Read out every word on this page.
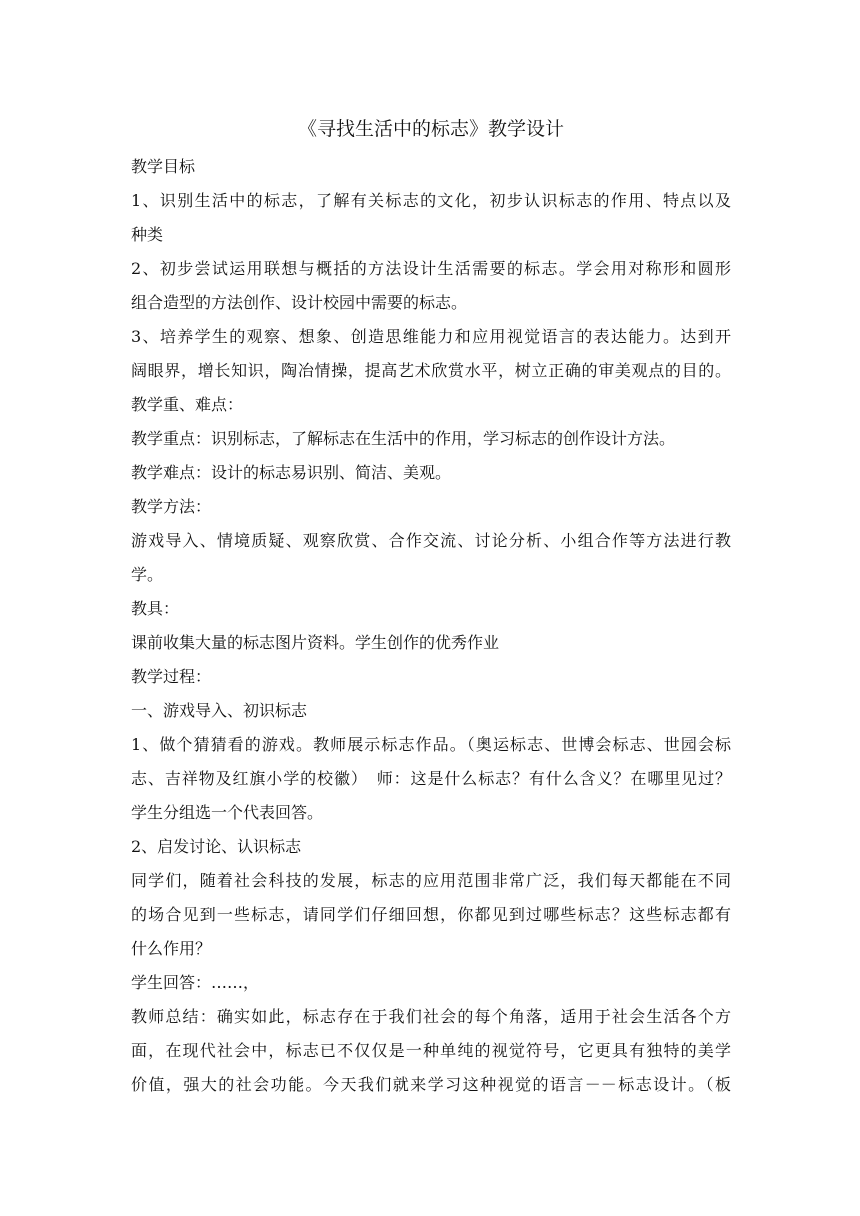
《寻找生活中的标志》教学设计
教学目标
1、识别生活中的标志，了解有关标志的文化，初步认识标志的作用、特点以及
种类
2、初步尝试运用联想与概括的方法设计生活需要的标志。学会用对称形和圆形
组合造型的方法创作、设计校园中需要的标志。
3、培养学生的观察、想象、创造思维能力和应用视觉语言的表达能力。达到开
阔眼界，增长知识，陶冶情操，提高艺术欣赏水平，树立正确的审美观点的目的。
教学重、难点：
教学重点：识别标志，了解标志在生活中的作用，学习标志的创作设计方法。
教学难点：设计的标志易识别、简洁、美观。
教学方法：
游戏导入、情境质疑、观察欣赏、合作交流、讨论分析、小组合作等方法进行教
学。
教具：
课前收集大量的标志图片资料。学生创作的优秀作业
教学过程：
一、游戏导入、初识标志
1、做个猜猜看的游戏。教师展示标志作品。（奥运标志、世博会标志、世园会标
志、吉祥物及红旗小学的校徽）　师：这是什么标志？有什么含义？在哪里见过？
学生分组选一个代表回答。
2、启发讨论、认识标志
同学们，随着社会科技的发展，标志的应用范围非常广泛，我们每天都能在不同
的场合见到一些标志，请同学们仔细回想，你都见到过哪些标志？这些标志都有
什么作用？
学生回答：……，
教师总结：确实如此，标志存在于我们社会的每个角落，适用于社会生活各个方
面，在现代社会中，标志已不仅仅是一种单纯的视觉符号，它更具有独特的美学
价值，强大的社会功能。今天我们就来学习这种视觉的语言－－标志设计。（板
